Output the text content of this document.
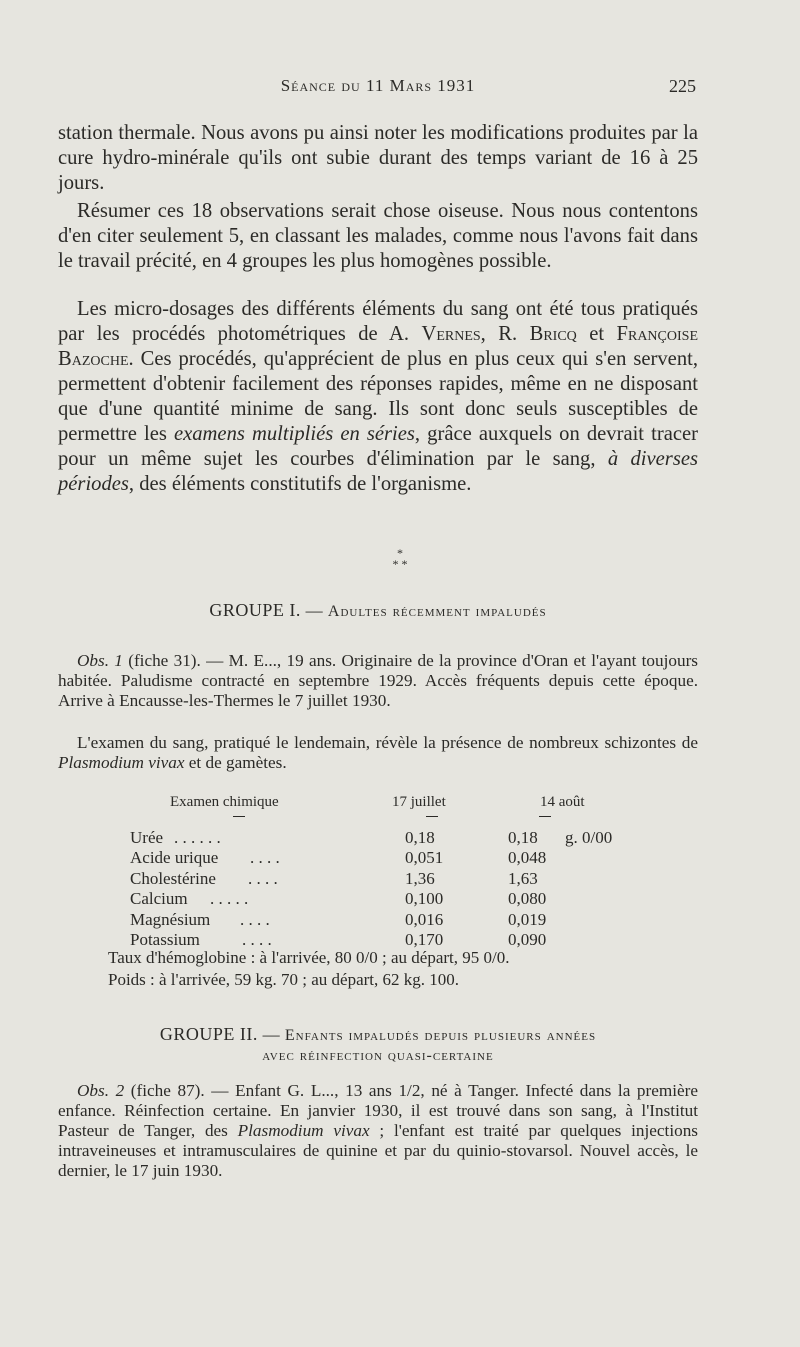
Séance du 11 Mars 1931	225

station thermale. Nous avons pu ainsi noter les modifications produites par la cure hydro-minérale qu'ils ont subie durant des temps variant de 16 à 25 jours.

Résumer ces 18 observations serait chose oiseuse. Nous nous contentons d'en citer seulement 5, en classant les malades, comme nous l'avons fait dans le travail précité, en 4 groupes les plus homogènes possible.

Les micro-dosages des différents éléments du sang ont été tous pratiqués par les procédés photométriques de A. Vernes, R. Bricq et Françoise Bazoche. Ces procédés, qu'apprécient de plus en plus ceux qui s'en servent, permettent d'obtenir facilement des réponses rapides, même en ne disposant que d'une quantité minime de sang. Ils sont donc seuls susceptibles de permettre les examens multipliés en séries, grâce auxquels on devrait tracer pour un même sujet les courbes d'élimination par le sang, à diverses périodes, des éléments constitutifs de l'organisme.

*
* *
GROUPE I. — Adultes récemment impaludés

Obs. 1 (fiche 31). — M. E..., 19 ans. Originaire de la province d'Oran et l'ayant toujours habitée. Paludisme contracté en septembre 1929. Accès fréquents depuis cette époque. Arrive à Encausse-les-Thermes le 7 juillet 1930.

L'examen du sang, pratiqué le lendemain, révèle la présence de nombreux schizontes de Plasmodium vivax et de gamètes.

Examen chimique	17 juillet	14 août
Urée . . . . . .	0,18	0,18 g. 0/00
Acide urique . . . .	0,051	0,048
Cholestérine . . . .	1,36	1,63
Calcium . . . . .	0,100	0,080
Magnésium . . . .	0,016	0,019
Potassium . . . .	0,170	0,090
Taux d'hémoglobine : à l'arrivée, 80 0/0 ; au départ, 95 0/0.
Poids : à l'arrivée, 59 kg. 70 ; au départ, 62 kg. 100.
GROUPE II. — Enfants impaludés depuis plusieurs années
avec réinfection quasi-certaine

Obs. 2 (fiche 87). — Enfant G. L..., 13 ans 1/2, né à Tanger. Infecté dans la première enfance. Réinfection certaine. En janvier 1930, il est trouvé dans son sang, à l'Institut Pasteur de Tanger, des Plasmodium vivax ; l'enfant est traité par quelques injections intraveineuses et intramusculaires de quinine et par du quinio-stovarsol. Nouvel accès, le dernier, le 17 juin 1930.
